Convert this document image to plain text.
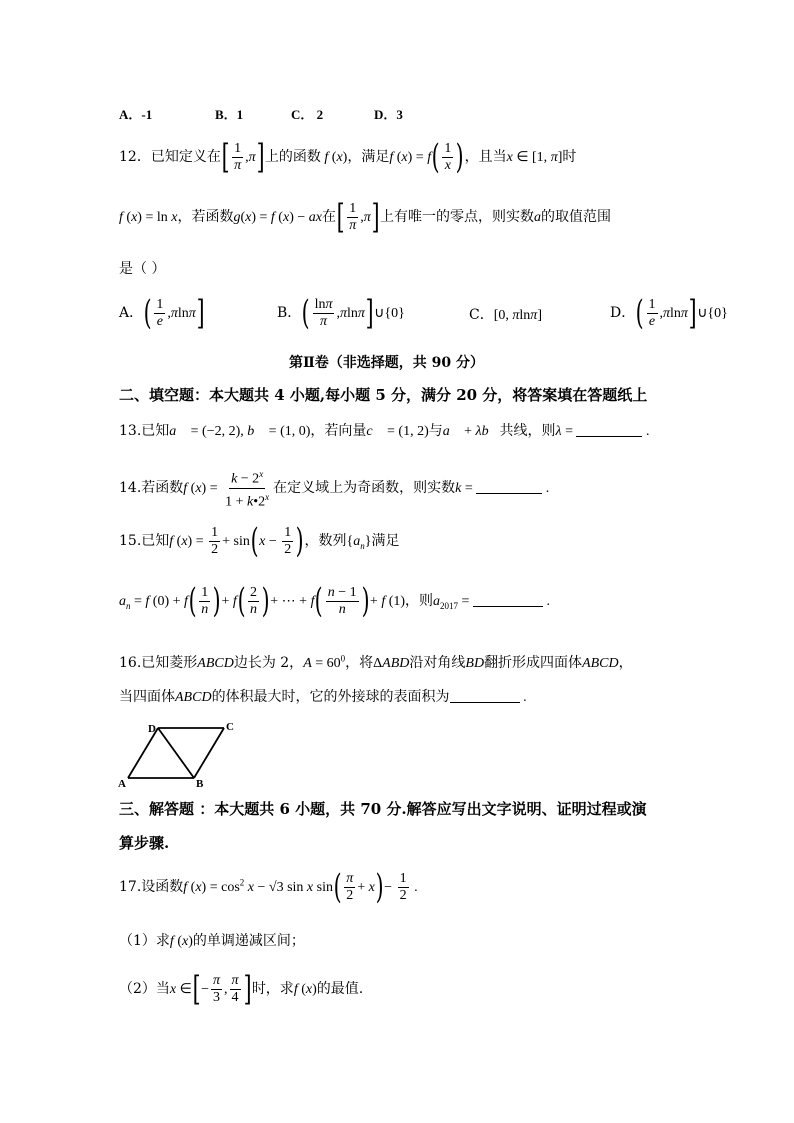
A．-1	B．1	C． 2	D．3
12．已知定义在[ $\frac{1}{\pi} ,\pi$]上的函数 f (x)，满足f $(x) = f( \frac{1}{x}$ )，且当x ∈ [1, π]时
f (x) = ln x，若函数g(x) = f (x) − ax在[ $\frac{1}{\pi} ,\pi$]上有唯一的零点，则实数a的取值范围
是（ ）
A．( $\frac{1}{e} ,\pi\ln\pi$]	B．( $\frac{\ln\pi}{\pi}$ ,πlnπ]∪{0}	C．[0, πlnπ]	D．( $\frac{1}{e}$ ,πlnπ]∪{0}
第Ⅱ卷（非选择题，共 90 分）
二、填空题：本大题共 4 小题,每小题 5 分，满分 20 分，将答案填在答题纸上
13.已知a⃗ = (−2, 2), b⃗ = (1, 0)，若向量c⃗ = (1, 2)与a⃗ + λb⃗共线，则λ =	.
14.若函数f $(x) = \frac{k - 2^x}{1 + k•2^x}$ 在定义域上为奇函数，则实数k =	.
15.已知f $(x) = \frac{1}{2} + \sin(x - \frac{1}{2}$ )，数列$\{a_n\}$满足
$a_n = f$ $(0) + f( \frac{1}{n}$ )+ $f( \frac{2}{n}$ )+ ⋯ + $f( \frac{n - 1}{n}$ )+ f (1)，则$a_{2017}$ =	.
16.已知菱形ABCD边长为 2，$A = 60^0$，将ΔABD沿对角线BD翻折形成四面体ABCD，
当四面体ABCD的体积最大时，它的外接球的表面积为	.
A	B
C
D
三、解答题 ：本大题共 6 小题，共 70 分.解答应写出文字说明、证明过程或演
算步骤.
17.设函数f $(x) = \cos^2 x - √3$ sin x $\sin( \frac{\pi}{2} + x)- \frac{1}{2}$ .
（1）求f (x)的单调递减区间；
（2）当x ∈[− $\frac{\pi}{3}$ , $\frac{\pi}{4}$ ]时，求f (x)的最值.
